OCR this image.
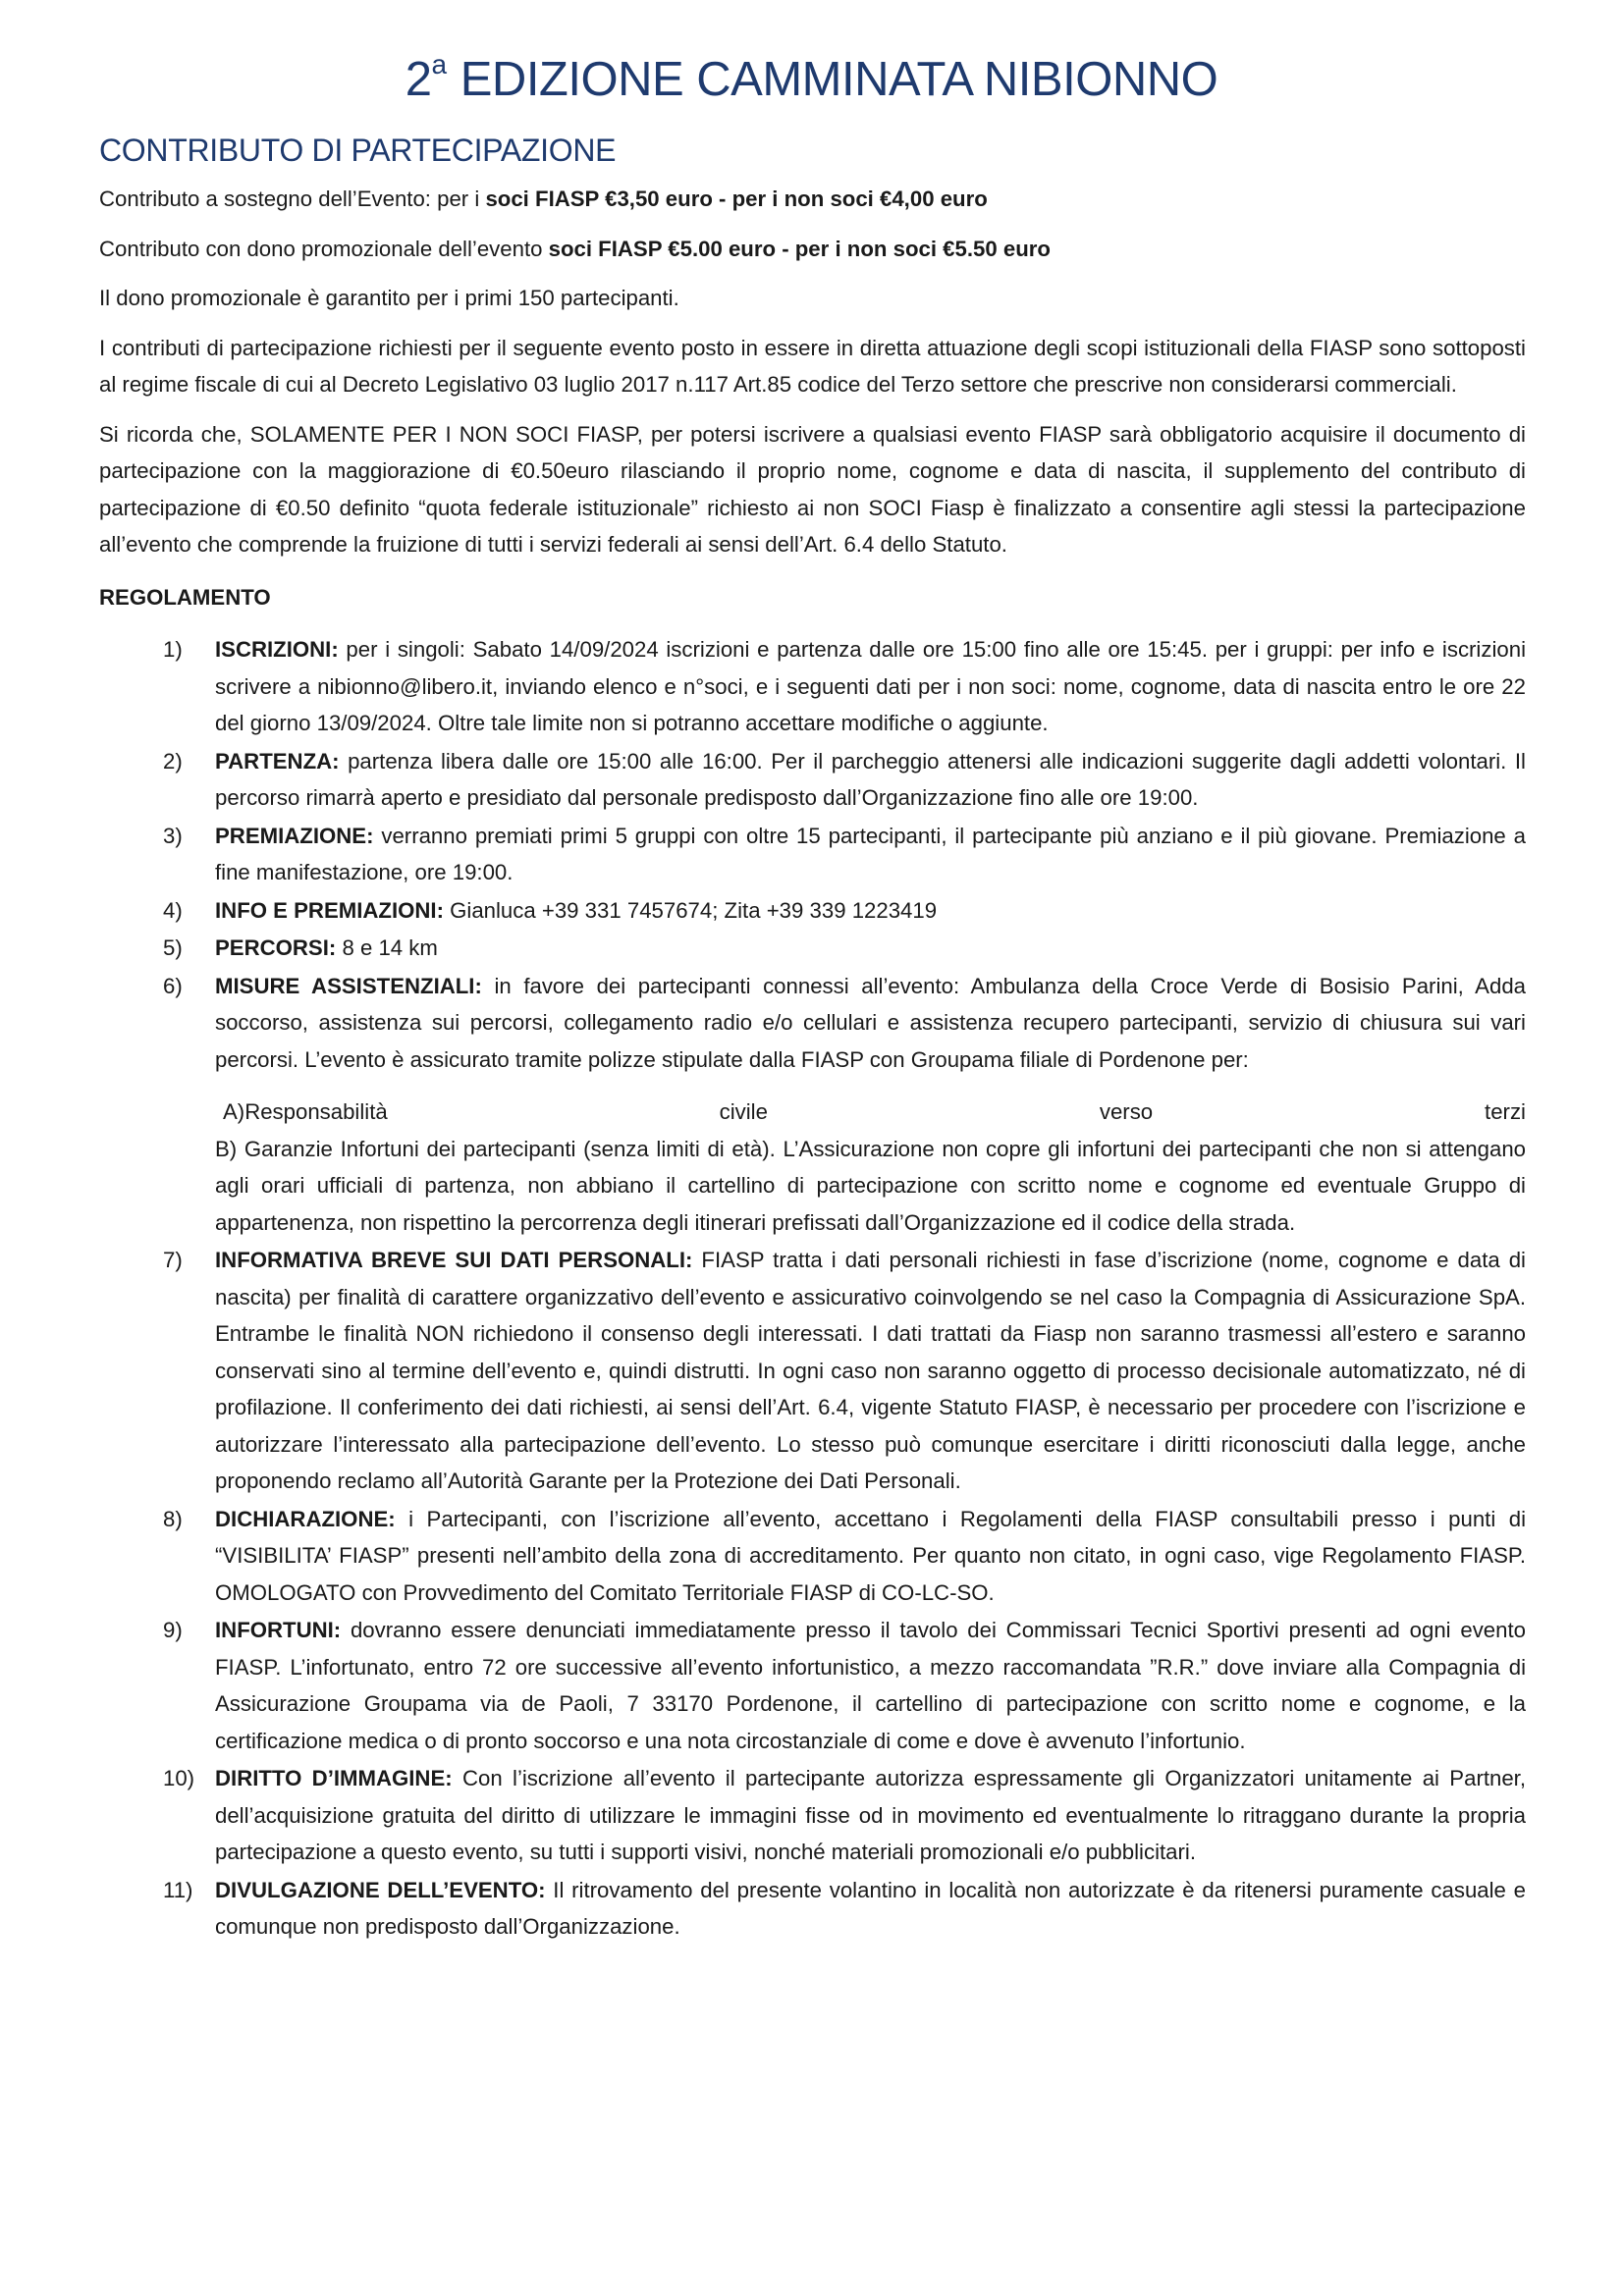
2$^a$ EDIZIONE CAMMINATA NIBIONNO
CONTRIBUTO DI PARTECIPAZIONE

Contributo a sostegno dell’Evento: per i soci FIASP €3,50 euro - per i non soci €4,00 euro

Contributo con dono promozionale dell’evento soci FIASP €5.00 euro - per i non soci €5.50 euro

Il dono promozionale è garantito per i primi 150 partecipanti.

I contributi di partecipazione richiesti per il seguente evento posto in essere in diretta attuazione degli scopi istituzionali della FIASP sono sottoposti al regime fiscale di cui al Decreto Legislativo 03 luglio 2017 n.117 Art.85 codice del Terzo settore che prescrive non considerarsi commerciali.

Si ricorda che, SOLAMENTE PER I NON SOCI FIASP, per potersi iscrivere a qualsiasi evento FIASP sarà obbligatorio acquisire il documento di partecipazione con la maggiorazione di €0.50euro rilasciando il proprio nome, cognome e data di nascita, il supplemento del contributo di partecipazione di €0.50 definito “quota federale istituzionale” richiesto ai non SOCI Fiasp è finalizzato a consentire agli stessi la partecipazione all’evento che comprende la fruizione di tutti i servizi federali ai sensi dell’Art. 6.4 dello Statuto.

REGOLAMENTO

1) ISCRIZIONI: per i singoli: Sabato 14/09/2024 iscrizioni e partenza dalle ore 15:00 fino alle ore 15:45. per i gruppi: per info e iscrizioni scrivere a nibionno@libero.it, inviando elenco e n°soci, e i seguenti dati per i non soci: nome, cognome, data di nascita entro le ore 22 del giorno 13/09/2024. Oltre tale limite non si potranno accettare modifiche o aggiunte.
2) PARTENZA: partenza libera dalle ore 15:00 alle 16:00. Per il parcheggio attenersi alle indicazioni suggerite dagli addetti volontari. Il percorso rimarrà aperto e presidiato dal personale predisposto dall’Organizzazione fino alle ore 19:00.
3) PREMIAZIONE: verranno premiati primi 5 gruppi con oltre 15 partecipanti, il partecipante più anziano e il più giovane. Premiazione a fine manifestazione, ore 19:00.
4) INFO E PREMIAZIONI: Gianluca +39 331 7457674; Zita +39 339 1223419
5) PERCORSI: 8 e 14 km
6) MISURE ASSISTENZIALI: in favore dei partecipanti connessi all’evento: Ambulanza della Croce Verde di Bosisio Parini, Adda soccorso, assistenza sui percorsi, collegamento radio e/o cellulari e assistenza recupero partecipanti, servizio di chiusura sui vari percorsi. L’evento è assicurato tramite polizze stipulate dalla FIASP con Groupama filiale di Pordenone per:
A)Responsabilità	civile	verso	terzi
B) Garanzie Infortuni dei partecipanti (senza limiti di età). L’Assicurazione non copre gli infortuni dei partecipanti che non si attengano agli orari ufficiali di partenza, non abbiano il cartellino di partecipazione con scritto nome e cognome ed eventuale Gruppo di appartenenza, non rispettino la percorrenza degli itinerari prefissati dall’Organizzazione ed il codice della strada.
7) INFORMATIVA BREVE SUI DATI PERSONALI: FIASP tratta i dati personali richiesti in fase d’iscrizione (nome, cognome e data di nascita) per finalità di carattere organizzativo dell’evento e assicurativo coinvolgendo se nel caso la Compagnia di Assicurazione SpA. Entrambe le finalità NON richiedono il consenso degli interessati. I dati trattati da Fiasp non saranno trasmessi all’estero e saranno conservati sino al termine dell’evento e, quindi distrutti. In ogni caso non saranno oggetto di processo decisionale automatizzato, né di profilazione. Il conferimento dei dati richiesti, ai sensi dell’Art. 6.4, vigente Statuto FIASP, è necessario per procedere con l’iscrizione e autorizzare l’interessato alla partecipazione dell’evento. Lo stesso può comunque esercitare i diritti riconosciuti dalla legge, anche proponendo reclamo all’Autorità Garante per la Protezione dei Dati Personali.
8) DICHIARAZIONE: i Partecipanti, con l’iscrizione all’evento, accettano i Regolamenti della FIASP consultabili presso i punti di “VISIBILITA’ FIASP” presenti nell’ambito della zona di accreditamento. Per quanto non citato, in ogni caso, vige Regolamento FIASP. OMOLOGATO con Provvedimento del Comitato Territoriale FIASP di CO-LC-SO.
9) INFORTUNI: dovranno essere denunciati immediatamente presso il tavolo dei Commissari Tecnici Sportivi presenti ad ogni evento FIASP. L’infortunato, entro 72 ore successive all’evento infortunistico, a mezzo raccomandata ”R.R.” dove inviare alla Compagnia di Assicurazione Groupama via de Paoli, 7 33170 Pordenone, il cartellino di partecipazione con scritto nome e cognome, e la certificazione medica o di pronto soccorso e una nota circostanziale di come e dove è avvenuto l’infortunio.
10) DIRITTO D’IMMAGINE: Con l’iscrizione all’evento il partecipante autorizza espressamente gli Organizzatori unitamente ai Partner, dell’acquisizione gratuita del diritto di utilizzare le immagini fisse od in movimento ed eventualmente lo ritraggano durante la propria partecipazione a questo evento, su tutti i supporti visivi, nonché materiali promozionali e/o pubblicitari.
11) DIVULGAZIONE DELL’EVENTO: Il ritrovamento del presente volantino in località non autorizzate è da ritenersi puramente casuale e comunque non predisposto dall’Organizzazione.
